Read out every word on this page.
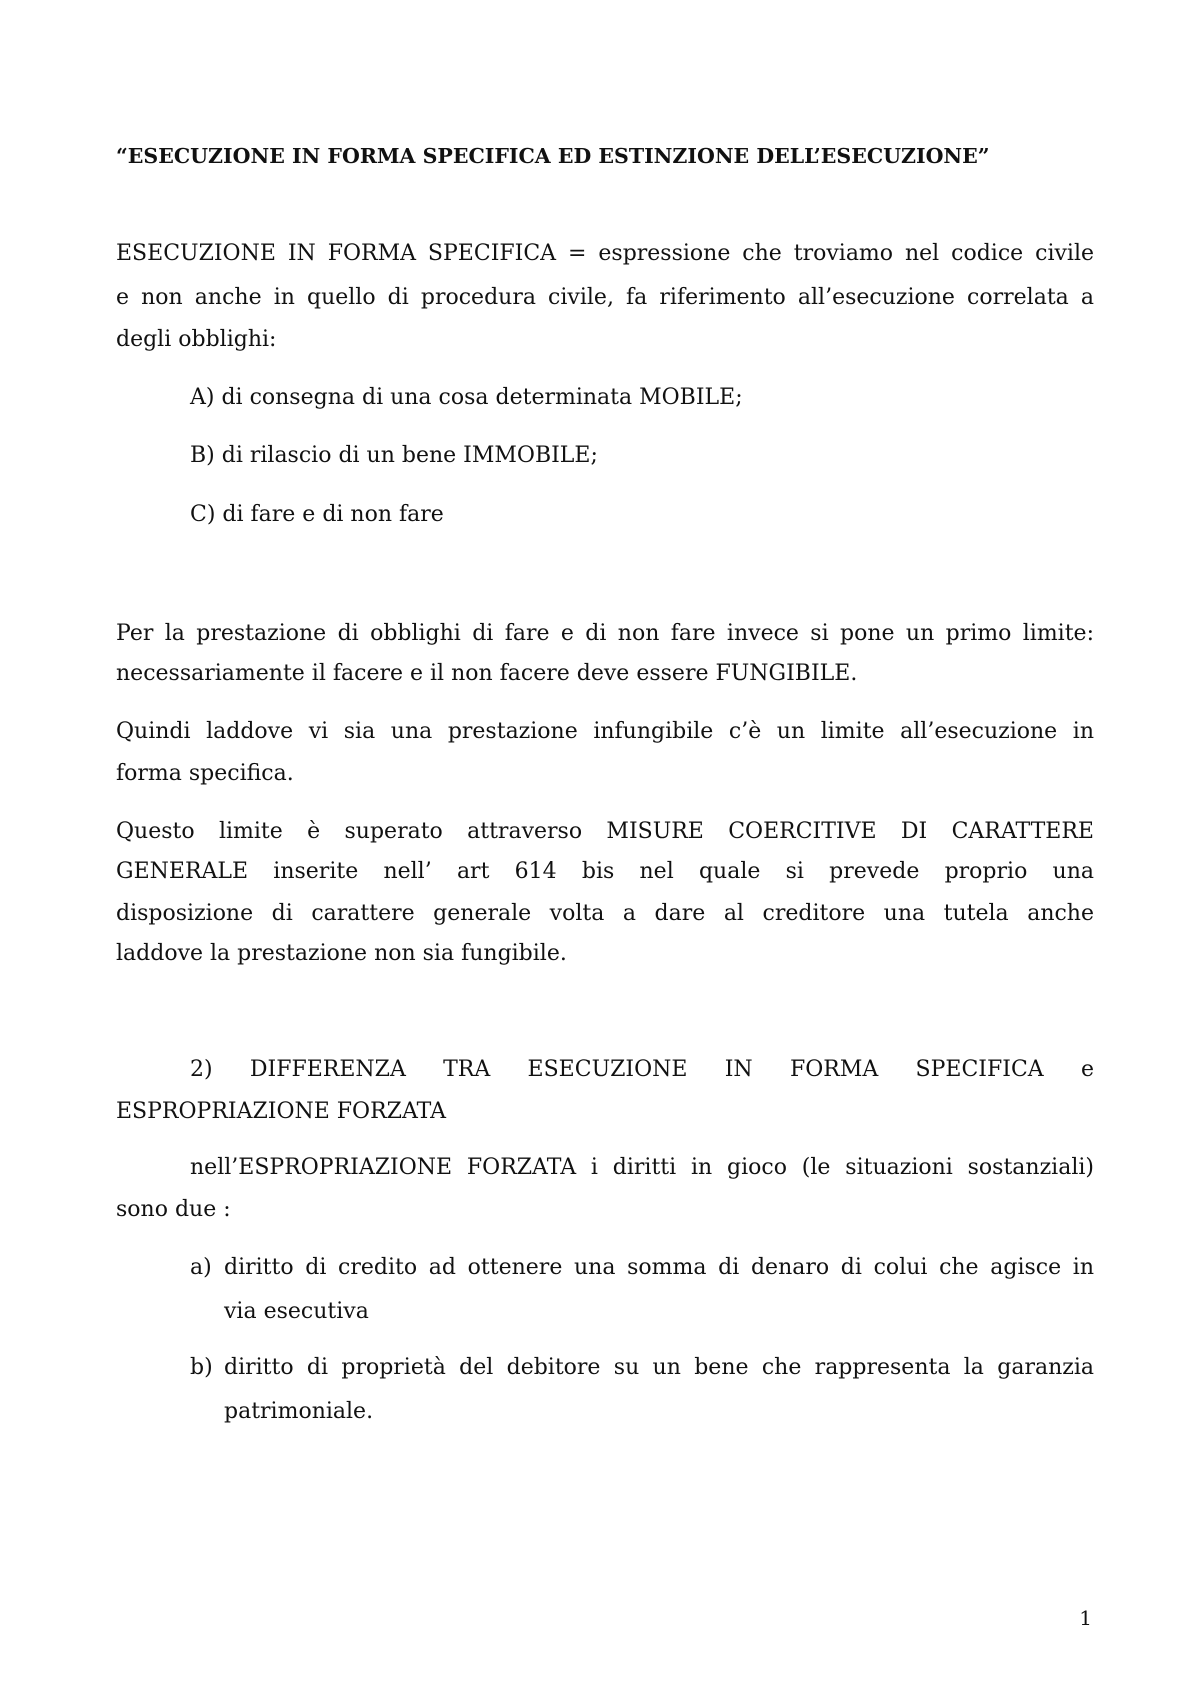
“ESECUZIONE IN FORMA SPECIFICA ED ESTINZIONE DELL’ESECUZIONE”
ESECUZIONE IN FORMA SPECIFICA = espressione che troviamo nel codice civile
e non anche in quello di procedura civile, fa riferimento all’esecuzione correlata a
degli obblighi:
A) di consegna di una cosa determinata MOBILE;
B) di rilascio di un bene IMMOBILE;
C) di fare e di non fare
Per la prestazione di obblighi di fare e di non fare invece si pone un primo limite:
necessariamente il facere e il non facere deve essere FUNGIBILE.
Quindi laddove vi sia una prestazione infungibile c’è un limite all’esecuzione in
forma specifica.
Questo limite è superato attraverso MISURE COERCITIVE DI CARATTERE
GENERALE inserite nell’ art 614 bis nel quale si prevede proprio una
disposizione di carattere generale volta a dare al creditore una tutela anche
laddove la prestazione non sia fungibile.
2) DIFFERENZA TRA ESECUZIONE IN FORMA SPECIFICA e
ESPROPRIAZIONE FORZATA
nell’ESPROPRIAZIONE FORZATA i diritti in gioco (le situazioni sostanziali)
sono due :
a) diritto di credito ad ottenere una somma di denaro di colui che agisce in
via esecutiva
b) diritto di proprietà del debitore su un bene che rappresenta la garanzia
patrimoniale.
1
